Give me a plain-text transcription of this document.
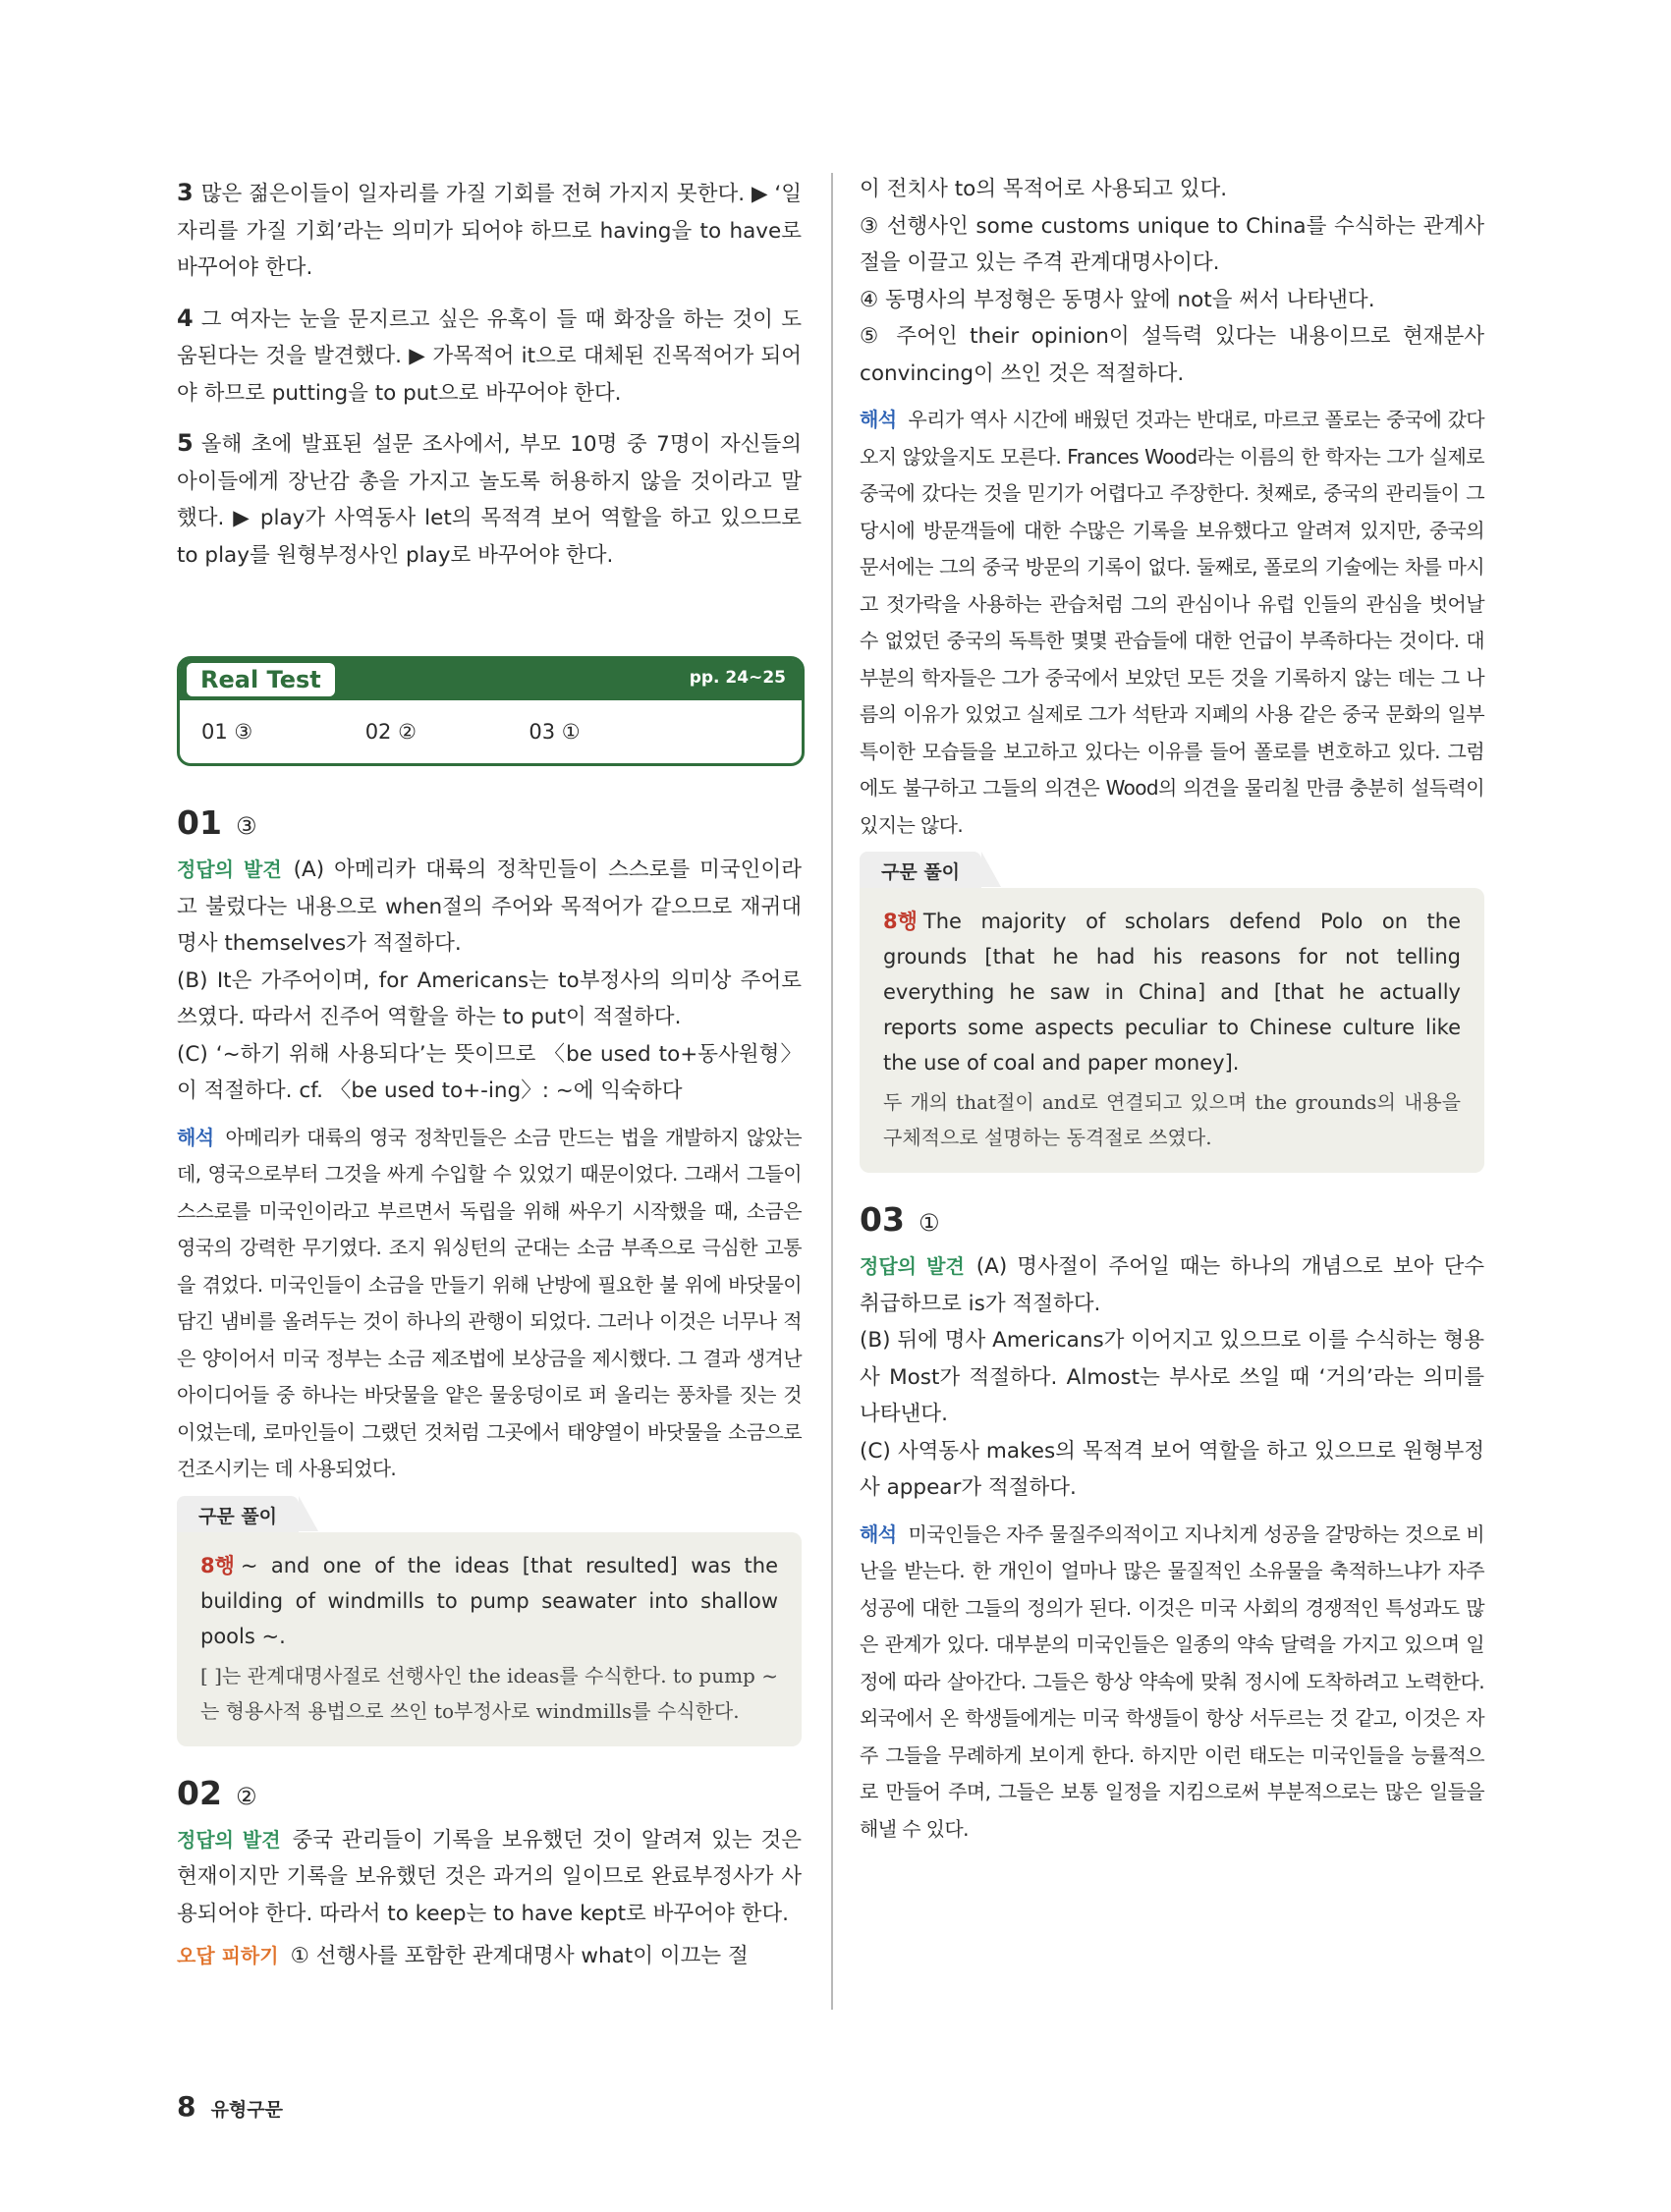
3 많은 젊은이들이 일자리를 가질 기회를 전혀 가지지 못한다. ▶ ‘일자리를 가질 기회’라는 의미가 되어야 하므로 having을 to have로 바꾸어야 한다.

4 그 여자는 눈을 문지르고 싶은 유혹이 들 때 화장을 하는 것이 도움된다는 것을 발견했다. ▶ 가목적어 it으로 대체된 진목적어가 되어야 하므로 putting을 to put으로 바꾸어야 한다.

5 올해 초에 발표된 설문 조사에서, 부모 10명 중 7명이 자신들의 아이들에게 장난감 총을 가지고 놀도록 허용하지 않을 것이라고 말했다. ▶ play가 사역동사 let의 목적격 보어 역할을 하고 있으므로 to play를 원형부정사인 play로 바꾸어야 한다.

Real Test	pp. 24~25
01 ③	02 ②	03 ①

01 ③

정답의 발견 (A) 아메리카 대륙의 정착민들이 스스로를 미국인이라고 불렀다는 내용으로 when절의 주어와 목적어가 같으므로 재귀대명사 themselves가 적절하다.

(B) It은 가주어이며, for Americans는 to부정사의 의미상 주어로 쓰였다. 따라서 진주어 역할을 하는 to put이 적절하다.

(C) ‘~하기 위해 사용되다’는 뜻이므로 〈be used to+동사원형〉이 적절하다. cf. 〈be used to+-ing〉: ~에 익숙하다

해석 아메리카 대륙의 영국 정착민들은 소금 만드는 법을 개발하지 않았는데, 영국으로부터 그것을 싸게 수입할 수 있었기 때문이었다. 그래서 그들이 스스로를 미국인이라고 부르면서 독립을 위해 싸우기 시작했을 때, 소금은 영국의 강력한 무기였다. 조지 워싱턴의 군대는 소금 부족으로 극심한 고통을 겪었다. 미국인들이 소금을 만들기 위해 난방에 필요한 불 위에 바닷물이 담긴 냄비를 올려두는 것이 하나의 관행이 되었다. 그러나 이것은 너무나 적은 양이어서 미국 정부는 소금 제조법에 보상금을 제시했다. 그 결과 생겨난 아이디어들 중 하나는 바닷물을 얕은 물웅덩이로 퍼 올리는 풍차를 짓는 것이었는데, 로마인들이 그랬던 것처럼 그곳에서 태양열이 바닷물을 소금으로 건조시키는 데 사용되었다.

구문 풀이

8행 ~ and one of the ideas [that resulted] was the building of windmills to pump seawater into shallow pools ~.

[ ]는 관계대명사절로 선행사인 the ideas를 수식한다. to pump ~는 형용사적 용법으로 쓰인 to부정사로 windmills를 수식한다.

02 ②

정답의 발견 중국 관리들이 기록을 보유했던 것이 알려져 있는 것은 현재이지만 기록을 보유했던 것은 과거의 일이므로 완료부정사가 사용되어야 한다. 따라서 to keep는 to have kept로 바꾸어야 한다.

오답 피하기 ① 선행사를 포함한 관계대명사 what이 이끄는 절

이 전치사 to의 목적어로 사용되고 있다.

③ 선행사인 some customs unique to China를 수식하는 관계사절을 이끌고 있는 주격 관계대명사이다.

④ 동명사의 부정형은 동명사 앞에 not을 써서 나타낸다.

⑤ 주어인 their opinion이 설득력 있다는 내용이므로 현재분사 convincing이 쓰인 것은 적절하다.

해석 우리가 역사 시간에 배웠던 것과는 반대로, 마르코 폴로는 중국에 갔다 오지 않았을지도 모른다. Frances Wood라는 이름의 한 학자는 그가 실제로 중국에 갔다는 것을 믿기가 어렵다고 주장한다. 첫째로, 중국의 관리들이 그 당시에 방문객들에 대한 수많은 기록을 보유했다고 알려져 있지만, 중국의 문서에는 그의 중국 방문의 기록이 없다. 둘째로, 폴로의 기술에는 차를 마시고 젓가락을 사용하는 관습처럼 그의 관심이나 유럽 인들의 관심을 벗어날 수 없었던 중국의 독특한 몇몇 관습들에 대한 언급이 부족하다는 것이다. 대부분의 학자들은 그가 중국에서 보았던 모든 것을 기록하지 않는 데는 그 나름의 이유가 있었고 실제로 그가 석탄과 지폐의 사용 같은 중국 문화의 일부 특이한 모습들을 보고하고 있다는 이유를 들어 폴로를 변호하고 있다. 그럼에도 불구하고 그들의 의견은 Wood의 의견을 물리칠 만큼 충분히 설득력이 있지는 않다.

구문 풀이

8행 The majority of scholars defend Polo on the grounds [that he had his reasons for not telling everything he saw in China] and [that he actually reports some aspects peculiar to Chinese culture like the use of coal and paper money].

두 개의 that절이 and로 연결되고 있으며 the grounds의 내용을 구체적으로 설명하는 동격절로 쓰였다.

03 ①

정답의 발견 (A) 명사절이 주어일 때는 하나의 개념으로 보아 단수 취급하므로 is가 적절하다.

(B) 뒤에 명사 Americans가 이어지고 있으므로 이를 수식하는 형용사 Most가 적절하다. Almost는 부사로 쓰일 때 ‘거의’라는 의미를 나타낸다.

(C) 사역동사 makes의 목적격 보어 역할을 하고 있으므로 원형부정사 appear가 적절하다.

해석 미국인들은 자주 물질주의적이고 지나치게 성공을 갈망하는 것으로 비난을 받는다. 한 개인이 얼마나 많은 물질적인 소유물을 축적하느냐가 자주 성공에 대한 그들의 정의가 된다. 이것은 미국 사회의 경쟁적인 특성과도 많은 관계가 있다. 대부분의 미국인들은 일종의 약속 달력을 가지고 있으며 일정에 따라 살아간다. 그들은 항상 약속에 맞춰 정시에 도착하려고 노력한다. 외국에서 온 학생들에게는 미국 학생들이 항상 서두르는 것 같고, 이것은 자주 그들을 무례하게 보이게 한다. 하지만 이런 태도는 미국인들을 능률적으로 만들어 주며, 그들은 보통 일정을 지킴으로써 부분적으로는 많은 일들을 해낼 수 있다.

8 유형구문
